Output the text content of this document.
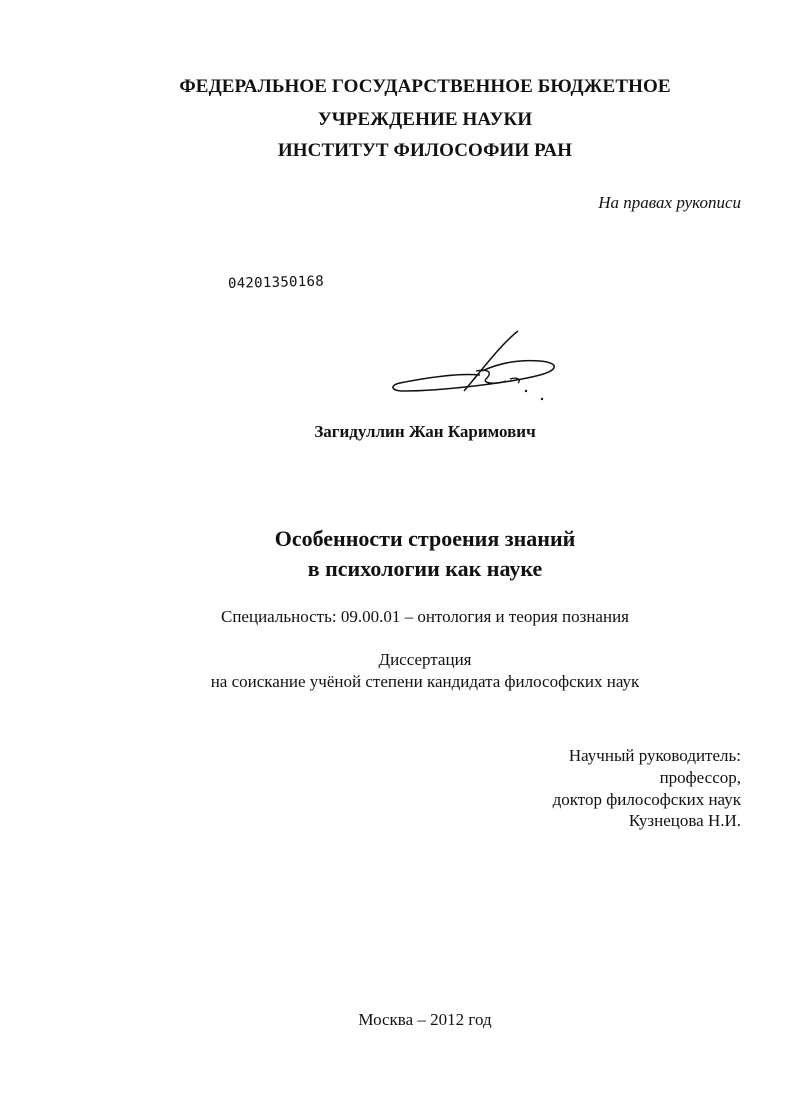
ФЕДЕРАЛЬНОЕ ГОСУДАРСТВЕННОЕ БЮДЖЕТНОЕ
УЧРЕЖДЕНИЕ НАУКИ
ИНСТИТУТ ФИЛОСОФИИ РАН
На правах рукописи
04201350168
Загидуллин Жан Каримович
Особенности строения знаний
в психологии как науке
Специальность: 09.00.01 – онтология и теория познания
Диссертация
на соискание учёной степени кандидата философских наук
Научный руководитель:
профессор,
доктор философских наук
Кузнецова Н.И.
Москва – 2012 год
